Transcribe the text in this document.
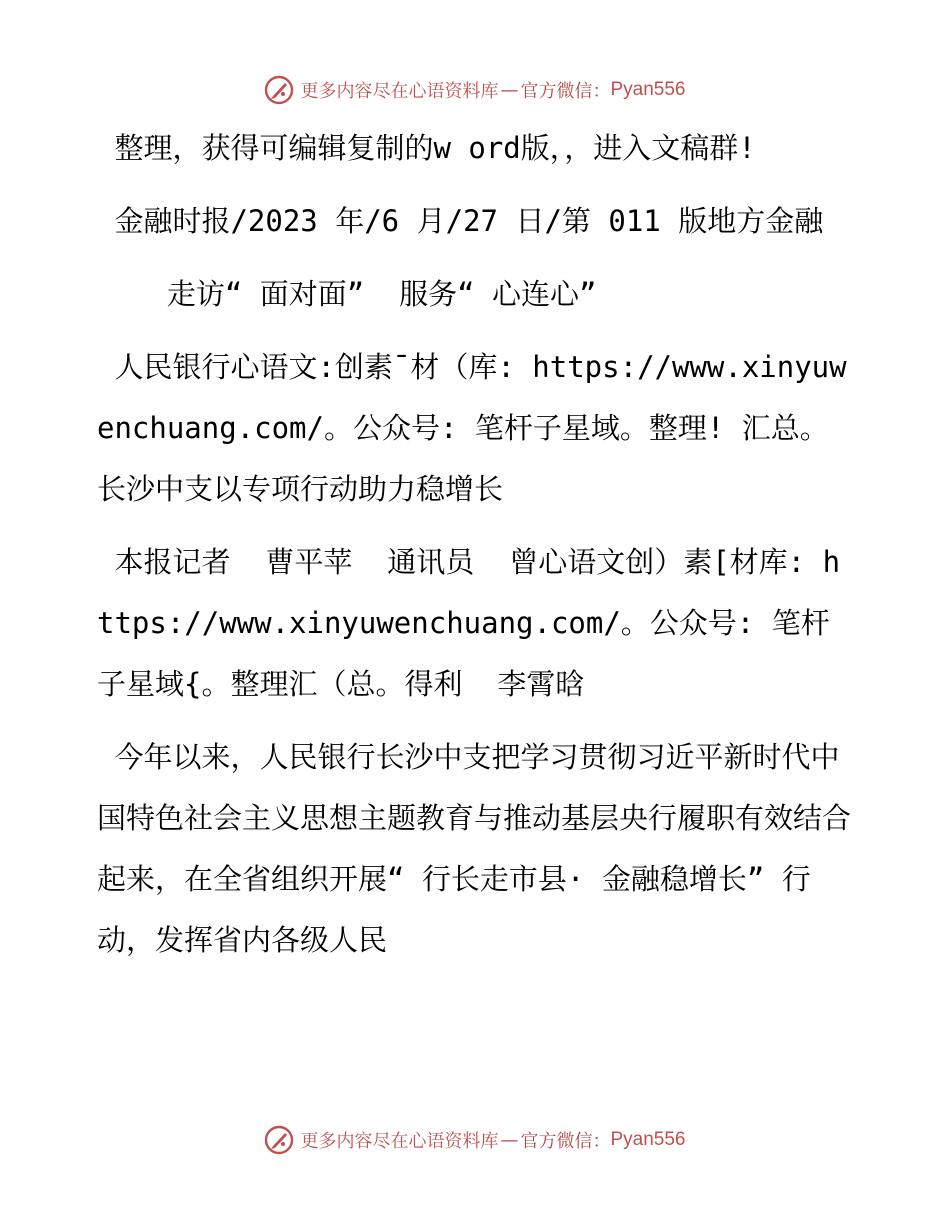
更多内容尽在心语资料库 — 官方微信： Pyan556

整理，获得可编辑复制的w ord版，，进入文稿群!

金融时报/2023 年/6 月/27 日/第 011 版地方金融

走访“ 面对面”  服务“ 心连心”

人民银行心语文:创素¯材（库: https://www.xinyuwenchuang.com/。公众号: 笔杆子星域。整理! 汇总。长沙中支以专项行动助力稳增长

本报记者  曹平苹  通讯员  曾心语文创）素[材库: https://www.xinyuwenchuang.com/。公众号: 笔杆子星域{。整理汇（总。得利  李霄晗

今年以来，人民银行长沙中支把学习贯彻习近平新时代中国特色社会主义思想主题教育与推动基层央行履职有效结合起来，在全省组织开展“ 行长走市县· 金融稳增长” 行动，发挥省内各级人民

更多内容尽在心语资料库 — 官方微信： Pyan556
